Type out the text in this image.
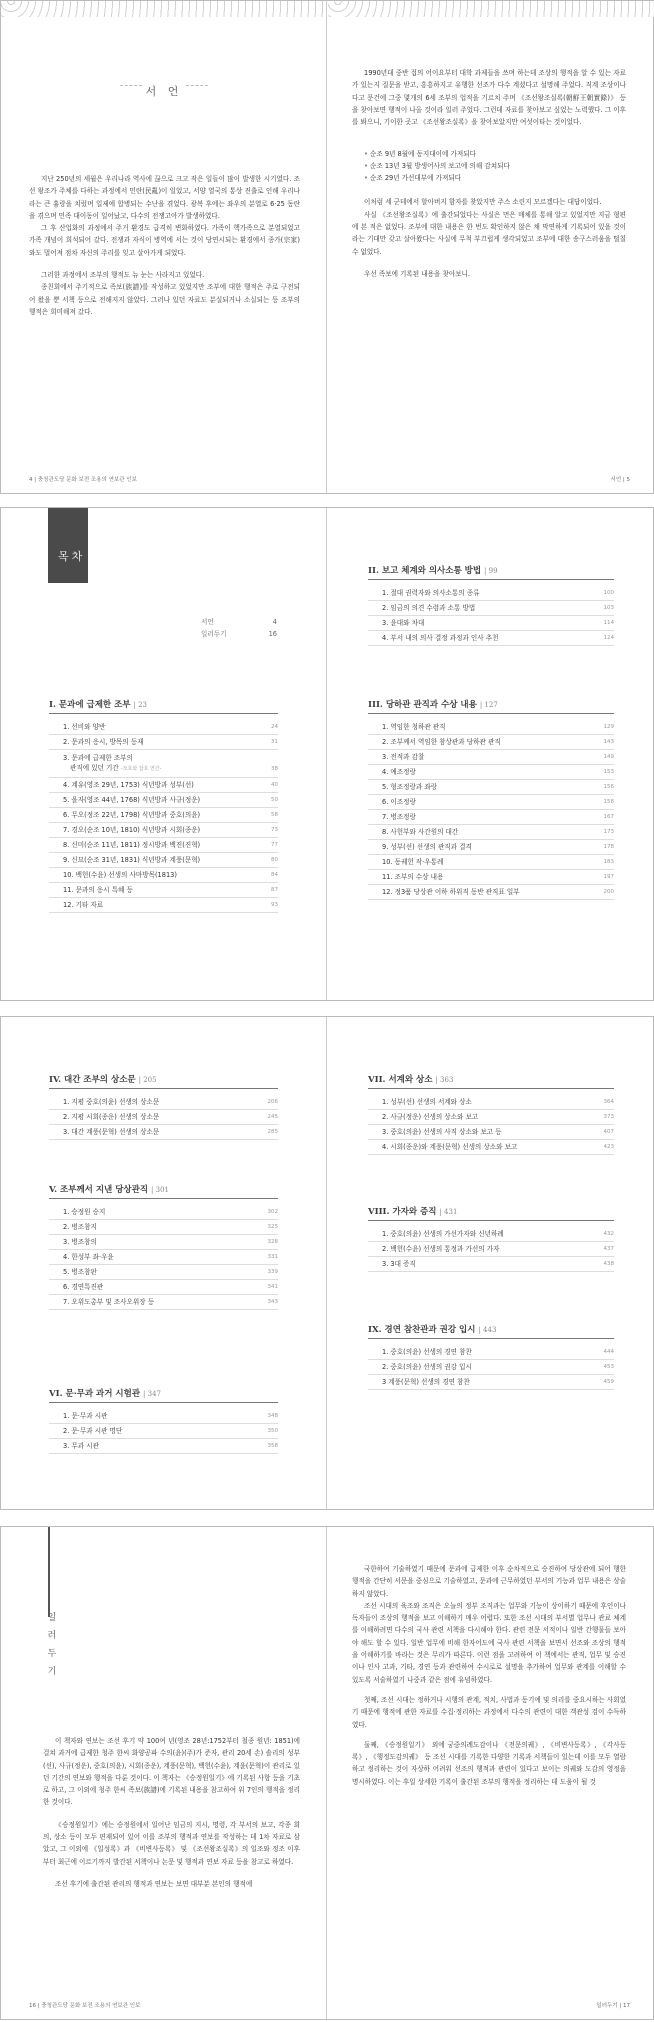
서 언

지난 250년의 세월은 우리나라 역사에 끊으로 크고 작은 일들이 많이 발생한 시기였다. 조선 왕조가 주체를 다하는 과정에서 민란(民亂)이 일었고, 서양 열국의 통상 진출로 인해 우리나라는 큰 흉랑을 치렀며 일제에 합병되는 수난을 겪었다. 광복 후에는 좌우의 분열로 6·25 동란을 겪으며 민족 대이동이 일어났고, 다수의 전쟁고아가 발생하였다.

그 후 산업화의 과정에서 주거 환경도 급격히 변화하였다. 가족이 핵가족으로 분열되었고 가족 개념이 희석되어 갔다. 전쟁과 자식이 병역에 서는 것이 당연시되는 환경에서 종가(宗家)와도 멀어져 점차 자신의 주리를 잊고 살아가게 되었다.

그러한 과정에서 조부의 행적도 뉴 눈는 사라지고 있었다.

종친회에서 주기적으로 족보(族譜)를 작성하고 있었지만 조부에 대한 행적은 주로 구전되어 왔을 뿐 서책 등으로 전해지지 않았다. 그러나 있던 자료도 분실되거나 소실되는 등 조부의 행적은 희미해져 갔다.

4 | 충청관도당 문화 보전 조용의 연보관 인보

1990년대 중반 접의 어이요부터 대학 과제들을 쓰며 하는데 조상의 행적을 알 수 있는 자료가 있는지 질문을 받고, 흥흥하지고 유행한 선조가 다수 계셨다고 설명해 주었다. 직계 조상이나다고 문건에 그중 몇개의 6세 조부의 업적을 기르치 주며 《조선왕조실록(朝鮮王朝實錄)》 등을 찾아보면 행적이 나올 것이라 일러 주었다. 그런데 자료를 찾아보고 싶었는 노력했다. 그 이후를 봐으니, 기이한 곳고 《조선왕조실록》을 찾아보았지만 여섯이타는 것이었다.

• 순조 9년 8월에 동지대이에 가져되다
• 순조 13년 3월 방생어사의 보고에 의해 감쳐되다
• 순조 29년 가선대부에 가져되다

이처럼 세 군데에서 할아버지 함자를 찾았지만 주스 소린지 모르겠다는 대답이었다.

사실 《조선왕조실록》에 출간되었다는 사실은 먼은 매체를 통해 알고 있었지만 지금 형편에 본 적은 없었다. 조부에 대한 내용은 한 번도 확인하지 않은 채 막연하게 기록되어 있을 것이라는 기대만 갖고 살아왔다는 사실에 무척 부끄럽게 생각되었고 조부에 대한 송구스러움을 떨칠 수 없었다.

우선 족보에 기록된 내용을 찾아보니.

서언 | 5
목차
서언	4
일러두기	16
I. 문과에 급제한 조부 | 23
1. 선비와 양반	24
2. 문과의 응시, 방목의 등재	31
3. 문과에 급제한 조부의
관직에 있던 기간 -모호와 잡호 연간-	38
4. 계유(영조 29년, 1753) 식년방과 성부(선)	40
5. 을자(영조 44년, 1768) 식년방과 사규(정운)	50
6. 무오(정조 22년, 1798) 식년방과 중호(의윤)	58
7. 경오(순조 10년, 1810) 식년방과 시회(종운)	73
8. 신미(순조 11년, 1811) 정시방과 백진(진혁)	77
9. 신묘(순조 31년, 1831) 식년방과 계풍(문혁)	80
10. 백헌(수윤) 선생의 사마방목(1813)	84
11. 문과의 응시 특혜 등	87
12. 기타 자료	93
II. 보고 체계와 의사소통 방법 | 99
1. 절대 권력자와 의사소통의 종류	100
2. 임금의 의견 수렴과 소통 방법	103
3. 윤대와 차대	114
4. 부서 내의 의사 결정 과정과 인사 추천	124
III. 당하관 관직과 수상 내용 | 127
1. 역임한 청하관 관직	129
2. 조부께서 역임한 참상관과 당하관 관직	143
3. 전적과 감찰	149
4. 예조정랑	153
5. 형조정랑과 좌랑	156
6. 이조정랑	158
7. 병조정랑	167
8. 사헌부와 사간원의 대간	173
9. 성부(선) 선생의 관직과 결격	178
10. 동궤헌 작·우통례	183
11. 조부의 수상 내용	197
12. 정3품 당상관 이하 하위직 동반 관직표 일부	200
IV. 대간 조부의 상소문 | 205
1. 지평 중호(의윤) 선생의 상소문	206
2. 지평 시회(종운) 선생의 상소문	245
3. 대간 계풍(문혁) 선생의 상소문	285
V. 조부께서 지낸 당상관직 | 301
1. 승정원 승지	302
2. 병조참지	325
3. 병조참의	328
4. 한성부 좌·우윤	331
5. 병조참판	339
6. 경연특진관	341
7. 오위도총부 및 조사오위장 등	343
VI. 문·무과 과거 시험관 | 347
1. 문·무과 시관	348
2. 문·무과 시관 명단	350
3. 무과 시관	358
VII. 서계와 상소 | 363
1. 성부(선) 선생의 서계와 상소	364
2. 사규(정운) 선생의 상소와 보고	373
3. 중호(의윤) 선생의 사직 상소와 보고 등	407
4. 시회(종운)와 계풍(문혁) 선생의 상소와 보고	423
VIII. 가자와 증직 | 431
1. 중호(의윤) 선생의 가선가자와 신년하례	432
2. 백헌(수윤) 선생의 통정과 가선의 가자	437
3. 3대 증직	438
IX. 경연 참찬관과 권강 입시 | 443
1. 중호(의윤) 선생의 경연 참찬	444
2. 중호(의윤) 선생의 권강 입시	453
3 계풍(문혁) 선생의 경연 참찬	459
일러두기

이 책자와 연보는 조선 후기 약 100여 년(영조 28년:1752부터 철종 원년: 1851)에 걸쳐 과거에 급제한 청주 한씨 화양공파 수의(윤)(주)가 준자, 관리 20세 손) 솔리의 성부(선), 사규(정운), 중호(의윤), 시회(종운), 계풍(문혁), 백헌(수윤), 계윤(문혁)이 관리로 있던 기간의 연보와 행적을 다룬 것이다. 이 책자는 《승정원일기》에 기록된 사항 등을 기초로 하고, 그 이외에 청주 한씨 족보(族譜)에 기록된 내용을 참고하여 위 7인의 행적을 정리한 것이다.

《승정원일기》에는 승정원에서 일어난 임금의 지시, 명령, 각 부서의 보고, 각종 회의, 상소 등이 모두 편재되어 있어 이를 조부의 행적과 연보를 작성하는 데 1차 자료로 삼았고, 그 이외에 《일성록》과 《비변사등록》 및 《조선왕조실록》의 일조와 정조 이후부터 최근에 이르기까지 발간된 서책이나 논문 및 행적과 연보 자료 등을 참고로 하였다.

조선 후기에 출간된 관리의 행적과 연보는 보면 대부분 본인의 행적에

16 | 충청관도당 문화 보전 조용의 연보관 인보

국한하여 기술하였기 때문에 문과에 급제한 이후 순차적으로 승진하여 당상관에 되어 행한 행적을 간단히 서문을 중심으로 기술하였고, 문과에 근무하였던 부서의 기능과 업무 내용은 상술하지 않았다.

조선 시대의 육조와 조직은 오늘의 정부 조직과는 업무와 기능이 상이하기 때문에 후인이나 독자들이 조상의 행적을 보고 이해하기 매우 어렵다. 또한 조선 시대의 부서별 업무나 관료 체계를 이해하려면 다수의 국사 관련 서책을 다시해야 한다. 관련 전문 서적이나 일반 간행물들 보아야 해도 할 수 있다. 일반 업무에 비해 한자어도에 국사 관련 서책을 보면서 선조와 조상의 행적을 이해하기를 바라는 것은 무리가 따른다. 이런 점을 고려하여 이 책에서는 관직, 업무 및 승진이나 인사 고과, 기타, 경연 등과 관련하여 수시로로 설명을 추가하여 업무와 관계를 이해할 수 있도록 서술하였기 나중과 같은 점에 유념하였다.

첫째, 조선 시대는 정하거나 시행의 관계, 적치, 사법과 동기에 및 의리를 중요시하는 사회였기 때문에 행적에 관한 자료를 수집·정리하는 과정에서 다수의 관련이 대한 객관성 검이 수득하였다.

둘째, 《승정원일기》 외에 궁중의례도감이나 《전문의궤》, 《비변사등록》, 《각사등록》, 《행정도감의궤》 등 조선 시대를 기록한 다양한 기록과 서책들이 있는데 이를 모두 열람하고 정리하는 것이 자상하 어려워 선조의 행적과 관련이 있다고 보이는 의궤와 도감의 영정을 명시하였다. 이는 후일 상세한 기록이 출간된 조부의 행적을 정리하는 데 도움이 될 것

일러두기 | 17
